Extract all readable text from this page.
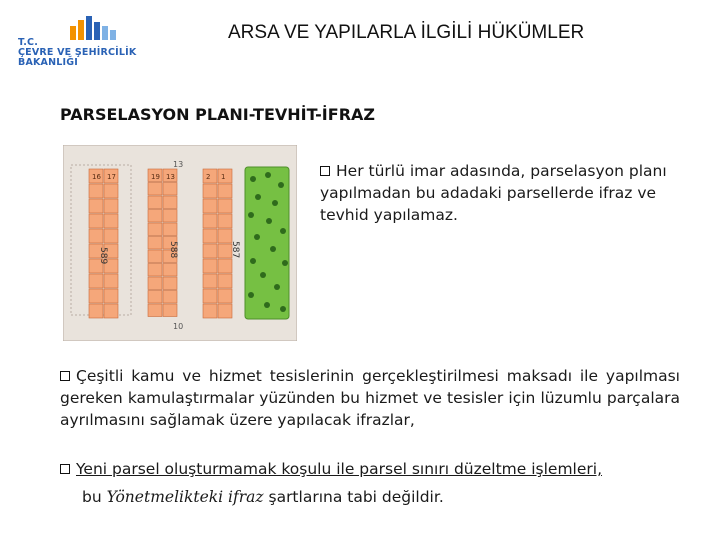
T.C.
ÇEVRE VE ŞEHİRCİLİK
BAKANLIĞI
ARSA VE YAPILARLA İLGİLİ HÜKÜMLER
PARSELASYON PLANI-TEVHİT-İFRAZ
16 17	19 13	2 1
13
10
589	588	587
Her türlü imar adasında, parselasyon planı yapılmadan bu adadaki parsellerde ifraz ve tevhid yapılamaz.
Çeşitli kamu ve hizmet tesislerinin gerçekleştirilmesi maksadı ile yapılması gereken kamulaştırmalar yüzünden bu hizmet ve tesisler için lüzumlu parçalara ayrılmasını sağlamak üzere yapılacak ifrazlar,
Yeni parsel oluşturmamak koşulu ile parsel sınırı düzeltme işlemleri,
bu Yönetmelikteki ifraz şartlarına tabi değildir.
